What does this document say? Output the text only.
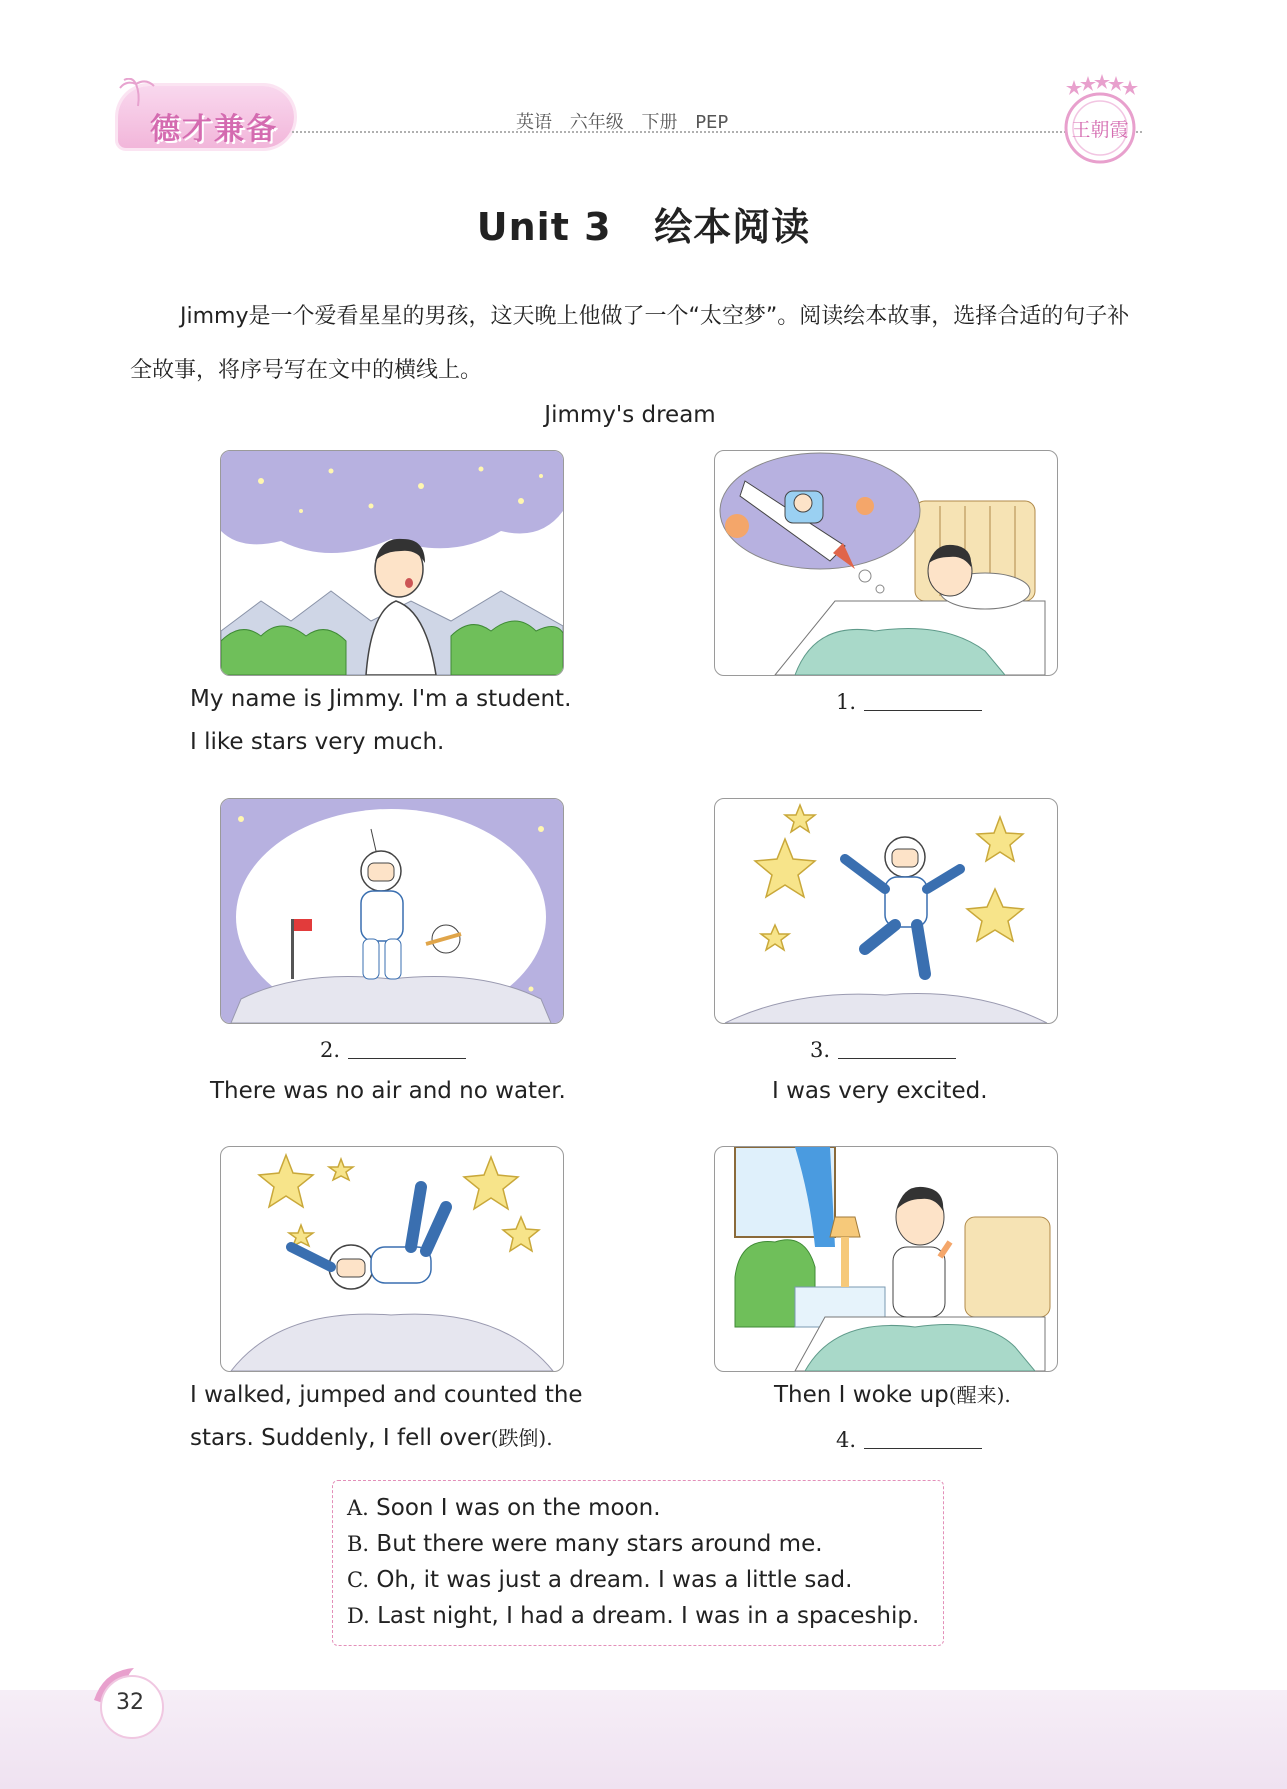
德才兼备	英语 六年级 下册 PEP	王朝霞
Unit 3   绘本阅读
Jimmy是一个爱看星星的男孩，这天晚上他做了一个“太空梦”。阅读绘本故事，选择合适的句子补全故事，将序号写在文中的横线上。
Jimmy's dream
My name is Jimmy. I'm a student.
I like stars very much.
1.
2.
There was no air and no water.
3.
I was very excited.
I walked, jumped and counted the
stars. Suddenly, I fell over(跌倒).
Then I woke up(醒来).
4.
A. Soon I was on the moon.
B. But there were many stars around me.
C. Oh, it was just a dream. I was a little sad.
D. Last night, I had a dream. I was in a spaceship.
32
